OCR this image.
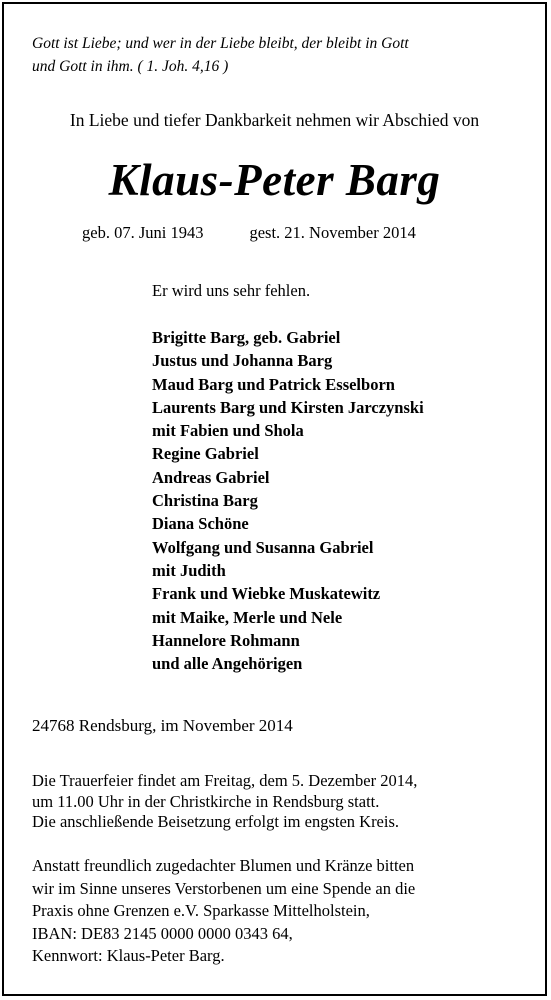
Gott ist Liebe; und wer in der Liebe bleibt, der bleibt in Gott
und Gott in ihm. ( 1. Joh. 4,16 )
In Liebe und tiefer Dankbarkeit nehmen wir Abschied von
Klaus-Peter Barg
geb. 07. Juni 1943	gest. 21. November 2014
Er wird uns sehr fehlen.
Brigitte Barg, geb. Gabriel
Justus und Johanna Barg
Maud Barg und Patrick Esselborn
Laurents Barg und Kirsten Jarczynski
mit Fabien und Shola
Regine Gabriel
Andreas Gabriel
Christina Barg
Diana Schöne
Wolfgang und Susanna Gabriel
mit Judith
Frank und Wiebke Muskatewitz
mit Maike, Merle und Nele
Hannelore Rohmann
und alle Angehörigen
24768 Rendsburg, im November 2014
Die Trauerfeier findet am Freitag, dem 5. Dezember 2014,
um 11.00 Uhr in der Christkirche in Rendsburg statt.
Die anschließende Beisetzung erfolgt im engsten Kreis.
Anstatt freundlich zugedachter Blumen und Kränze bitten
wir im Sinne unseres Verstorbenen um eine Spende an die
Praxis ohne Grenzen e.V. Sparkasse Mittelholstein,
IBAN: DE83 2145 0000 0000 0343 64,
Kennwort: Klaus-Peter Barg.
